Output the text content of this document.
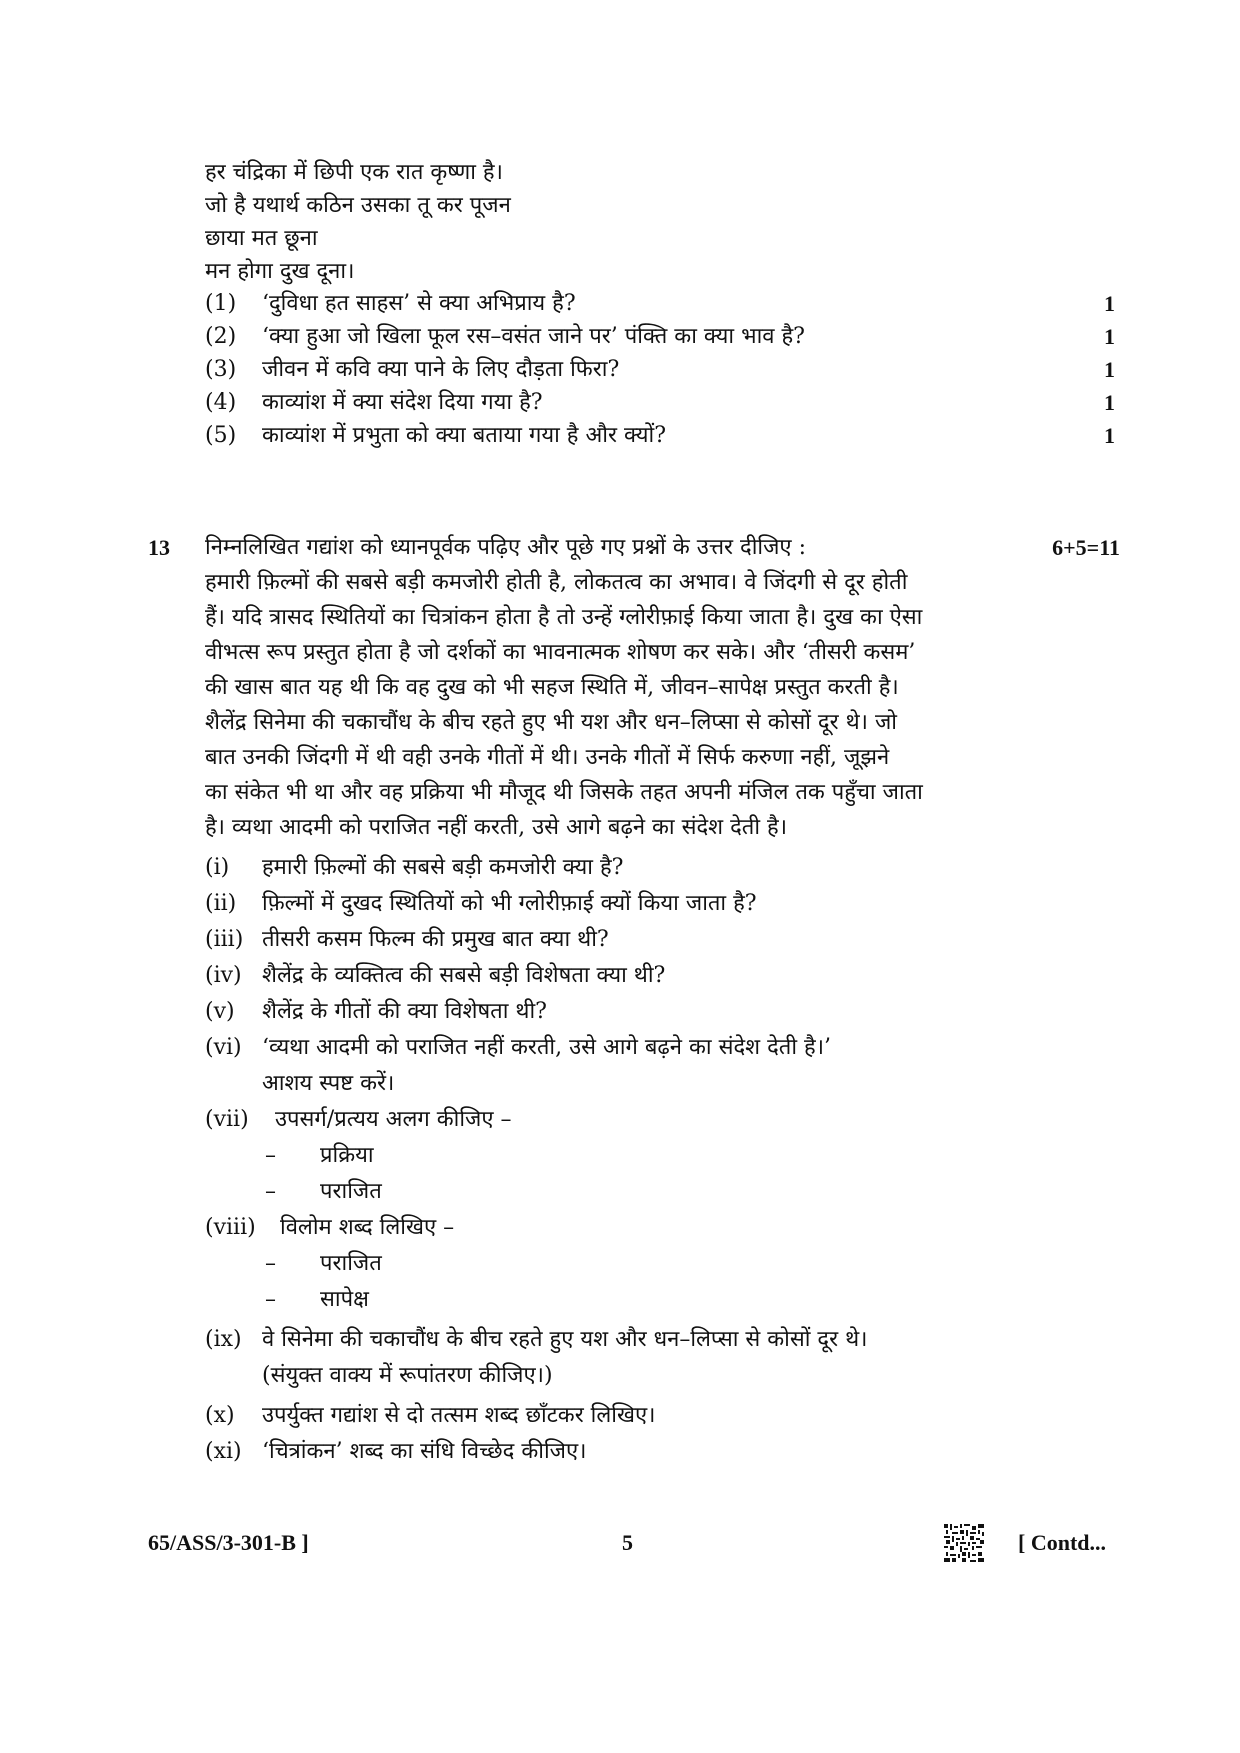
हर चंद्रिका में छिपी एक रात कृष्णा है।
जो है यथार्थ कठिन उसका तू कर पूजन
छाया मत छूना
मन होगा दुख दूना।
(1) ‘दुविधा हत साहस’ से क्या अभिप्राय है?	1
(2) ‘क्या हुआ जो खिला फूल रस–वसंत जाने पर’ पंक्ति का क्या भाव है?	1
(3) जीवन में कवि क्या पाने के लिए दौड़ता फिरा?	1
(4) काव्यांश में क्या संदेश दिया गया है?	1
(5) काव्यांश में प्रभुता को क्या बताया गया है और क्यों?	1
13 निम्नलिखित गद्यांश को ध्यानपूर्वक पढ़िए और पूछे गए प्रश्नों के उत्तर दीजिए :	6+5=11
हमारी फ़िल्मों की सबसे बड़ी कमजोरी होती है, लोकतत्व का अभाव। वे जिंदगी से दूर होती
हैं। यदि त्रासद स्थितियों का चित्रांकन होता है तो उन्हें ग्लोरीफ़ाई किया जाता है। दुख का ऐसा
वीभत्स रूप प्रस्तुत होता है जो दर्शकों का भावनात्मक शोषण कर सके। और ‘तीसरी कसम’
की खास बात यह थी कि वह दुख को भी सहज स्थिति में, जीवन–सापेक्ष प्रस्तुत करती है।
शैलेंद्र सिनेमा की चकाचौंध के बीच रहते हुए भी यश और धन–लिप्सा से कोसों दूर थे। जो
बात उनकी जिंदगी में थी वही उनके गीतों में थी। उनके गीतों में सिर्फ करुणा नहीं, जूझने
का संकेत भी था और वह प्रक्रिया भी मौजूद थी जिसके तहत अपनी मंजिल तक पहुँचा जाता
है। व्यथा आदमी को पराजित नहीं करती, उसे आगे बढ़ने का संदेश देती है।
(i) हमारी फ़िल्मों की सबसे बड़ी कमजोरी क्या है?
(ii) फ़िल्मों में दुखद स्थितियों को भी ग्लोरीफ़ाई क्यों किया जाता है?
(iii) तीसरी कसम फिल्म की प्रमुख बात क्या थी?
(iv) शैलेंद्र के व्यक्तित्व की सबसे बड़ी विशेषता क्या थी?
(v) शैलेंद्र के गीतों की क्या विशेषता थी?
(vi) ‘व्यथा आदमी को पराजित नहीं करती, उसे आगे बढ़ने का संदेश देती है।’
आशय स्पष्ट करें।
(vii) उपसर्ग/प्रत्यय अलग कीजिए –
– प्रक्रिया
– पराजित
(viii) विलोम शब्द लिखिए –
– पराजित
– सापेक्ष
(ix) वे सिनेमा की चकाचौंध के बीच रहते हुए यश और धन–लिप्सा से कोसों दूर थे।
(संयुक्त वाक्य में रूपांतरण कीजिए।)
(x) उपर्युक्त गद्यांश से दो तत्सम शब्द छाँटकर लिखिए।
(xi) ‘चित्रांकन’ शब्द का संधि विच्छेद कीजिए।
65/ASS/3-301-B ]	5	[ Contd...
